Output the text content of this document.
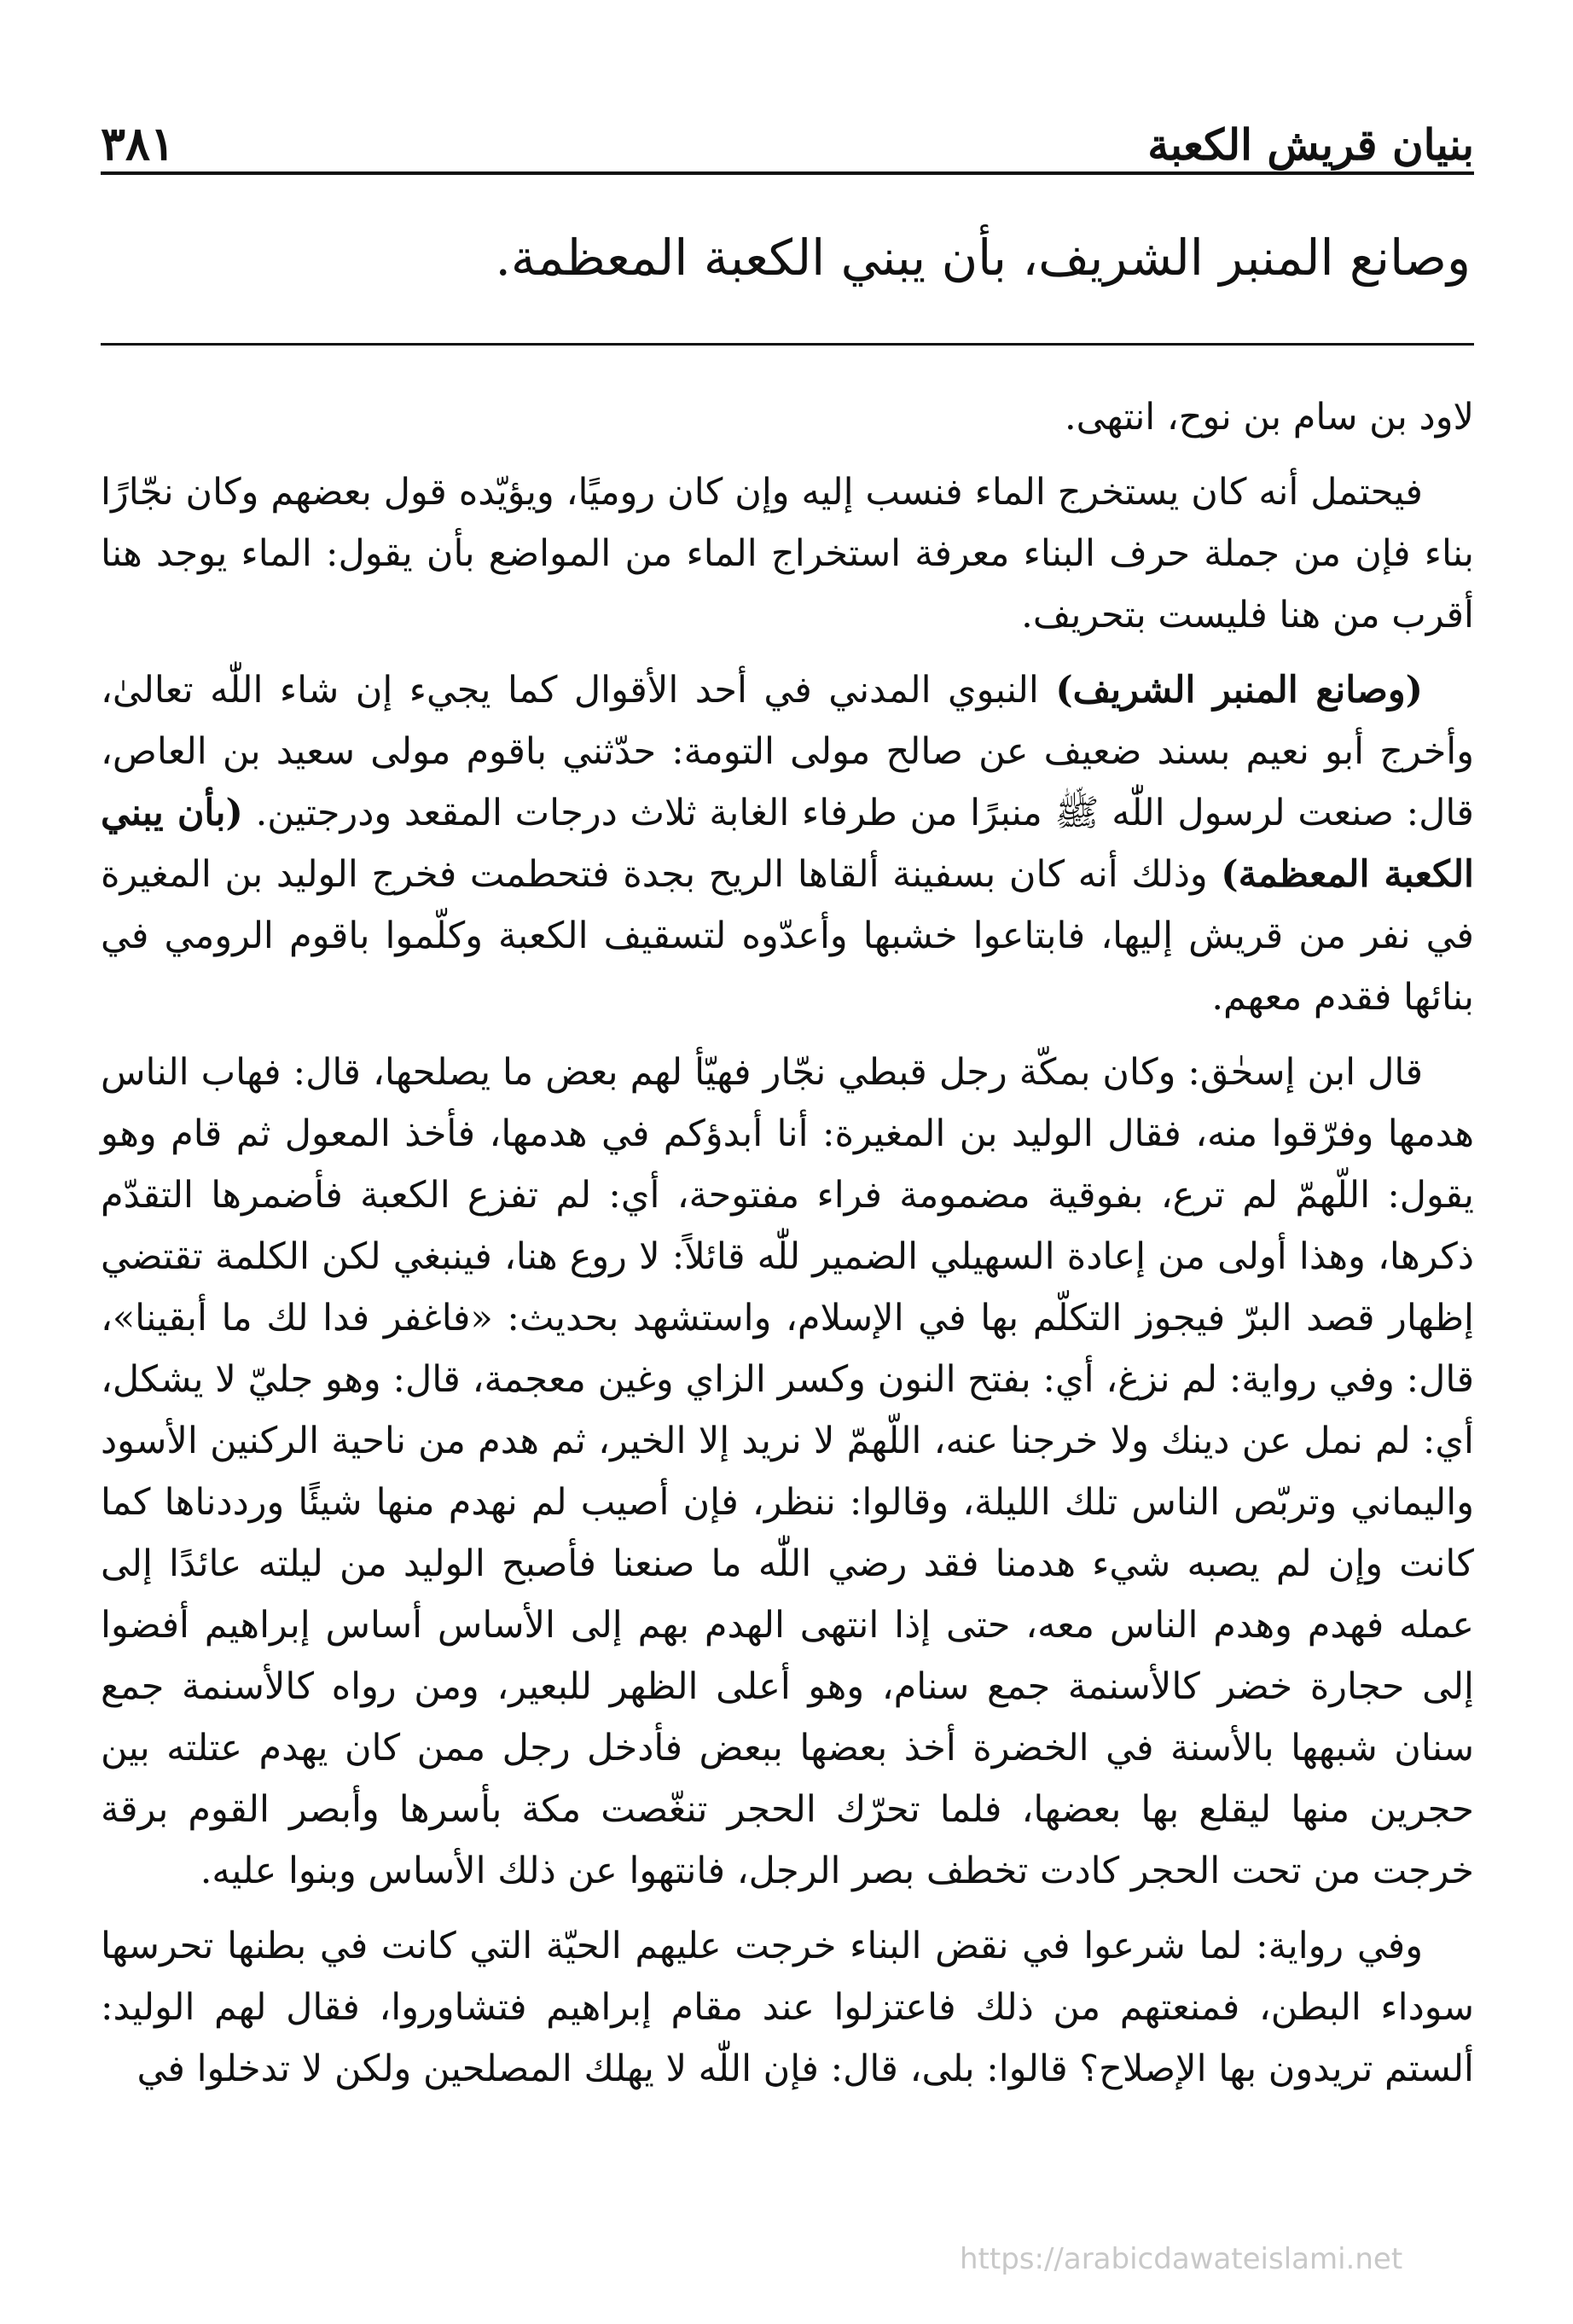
بنيان قريش الكعبة
٣٨١
وصانع المنبر الشريف، بأن يبني الكعبة المعظمة.

لاود بن سام بن نوح، انتهى.

فيحتمل أنه كان يستخرج الماء فنسب إليه وإن كان روميًا، ويؤيّده قول بعضهم وكان نجّارًا بناء فإن من جملة حرف البناء معرفة استخراج الماء من المواضع بأن يقول: الماء يوجد هنا أقرب من هنا فليست بتحريف.

(وصانع المنبر الشريف) النبوي المدني في أحد الأقوال كما يجيء إن شاء اللّٰه تعالىٰ، وأخرج أبو نعيم بسند ضعيف عن صالح مولى التومة: حدّثني باقوم مولى سعيد بن العاص، قال: صنعت لرسول اللّٰه ﷺ منبرًا من طرفاء الغابة ثلاث درجات المقعد ودرجتين. (بأن يبني الكعبة المعظمة) وذلك أنه كان بسفينة ألقاها الريح بجدة فتحطمت فخرج الوليد بن المغيرة في نفر من قريش إليها، فابتاعوا خشبها وأعدّوه لتسقيف الكعبة وكلّموا باقوم الرومي في بنائها فقدم معهم.

قال ابن إسحٰق: وكان بمكّة رجل قبطي نجّار فهيّأ لهم بعض ما يصلحها، قال: فهاب الناس هدمها وفرّقوا منه، فقال الوليد بن المغيرة: أنا أبدؤكم في هدمها، فأخذ المعول ثم قام وهو يقول: اللّهمّ لم ترع، بفوقية مضمومة فراء مفتوحة، أي: لم تفزع الكعبة فأضمرها التقدّم ذكرها، وهذا أولى من إعادة السهيلي الضمير للّٰه قائلاً: لا روع هنا، فينبغي لكن الكلمة تقتضي إظهار قصد البرّ فيجوز التكلّم بها في الإسلام، واستشهد بحديث: «فاغفر فدا لك ما أبقينا»، قال: وفي رواية: لم نزغ، أي: بفتح النون وكسر الزاي وغين معجمة، قال: وهو جليّ لا يشكل، أي: لم نمل عن دينك ولا خرجنا عنه، اللّهمّ لا نريد إلا الخير، ثم هدم من ناحية الركنين الأسود واليماني وتربّص الناس تلك الليلة، وقالوا: ننظر، فإن أصيب لم نهدم منها شيئًا ورددناها كما كانت وإن لم يصبه شيء هدمنا فقد رضي اللّٰه ما صنعنا فأصبح الوليد من ليلته عائدًا إلى عمله فهدم وهدم الناس معه، حتى إذا انتهى الهدم بهم إلى الأساس أساس إبراهيم أفضوا إلى حجارة خضر كالأسنمة جمع سنام، وهو أعلى الظهر للبعير، ومن رواه كالأسنمة جمع سنان شبهها بالأسنة في الخضرة أخذ بعضها ببعض فأدخل رجل ممن كان يهدم عتلته بين حجرين منها ليقلع بها بعضها، فلما تحرّك الحجر تنغّصت مكة بأسرها وأبصر القوم برقة خرجت من تحت الحجر كادت تخطف بصر الرجل، فانتهوا عن ذلك الأساس وبنوا عليه.

وفي رواية: لما شرعوا في نقض البناء خرجت عليهم الحيّة التي كانت في بطنها تحرسها سوداء البطن، فمنعتهم من ذلك فاعتزلوا عند مقام إبراهيم فتشاوروا، فقال لهم الوليد: ألستم تريدون بها الإصلاح؟ قالوا: بلى، قال: فإن اللّٰه لا يهلك المصلحين ولكن لا تدخلوا في

https://arabicdawateislami.net
